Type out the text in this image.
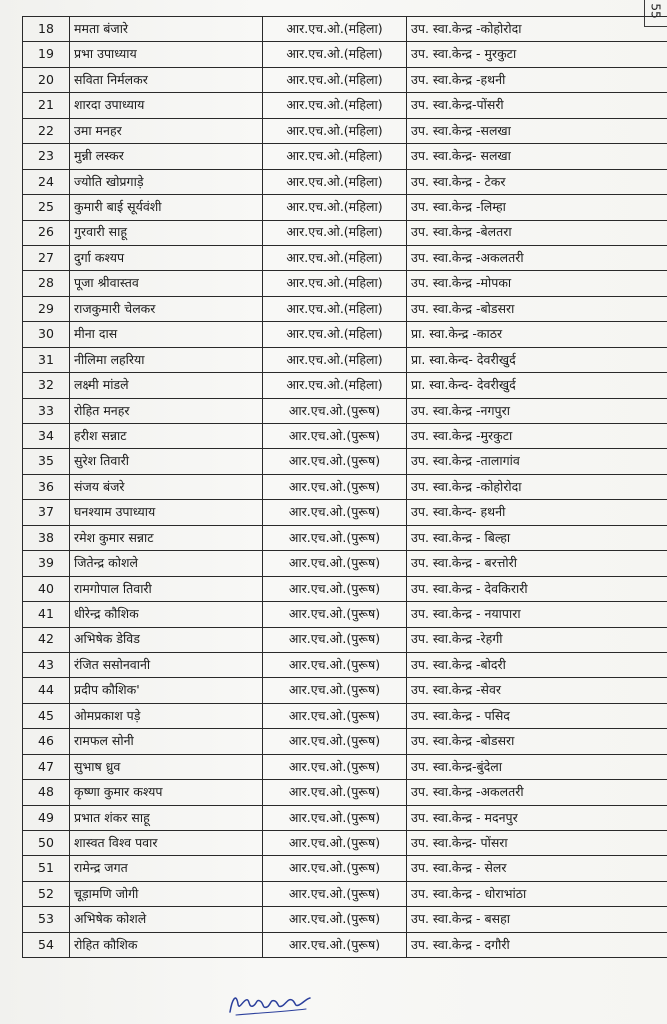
55
18	ममता बंजारे	आर.एच.ओ.(महिला)	उप. स्वा.केन्द्र -कोहोरोदा
19	प्रभा उपाध्याय	आर.एच.ओ.(महिला)	उप. स्वा.केन्द्र - मुरकुटा
20	सविता निर्मलकर	आर.एच.ओ.(महिला)	उप. स्वा.केन्द्र -हथनी
21	शारदा उपाध्याय	आर.एच.ओ.(महिला)	उप. स्वा.केन्द्र-पोंसरी
22	उमा मनहर	आर.एच.ओ.(महिला)	उप. स्वा.केन्द्र -सलखा
23	मुन्नी लस्कर	आर.एच.ओ.(महिला)	उप. स्वा.केन्द्र- सलखा
24	ज्योति खोप्रगाड़े	आर.एच.ओ.(महिला)	उप. स्वा.केन्द्र - टेकर
25	कुमारी बाई सूर्यवंशी	आर.एच.ओ.(महिला)	उप. स्वा.केन्द्र -लिम्हा
26	गुरवारी साहू	आर.एच.ओ.(महिला)	उप. स्वा.केन्द्र -बेलतरा
27	दुर्गा कश्यप	आर.एच.ओ.(महिला)	उप. स्वा.केन्द्र -अकलतरी
28	पूजा श्रीवास्तव	आर.एच.ओ.(महिला)	उप. स्वा.केन्द्र -मोपका
29	राजकुमारी चेलकर	आर.एच.ओ.(महिला)	उप. स्वा.केन्द्र -बोडसरा
30	मीना दास	आर.एच.ओ.(महिला)	प्रा. स्वा.केन्द्र -काठर
31	नीलिमा लहरिया	आर.एच.ओ.(महिला)	प्रा. स्वा.केन्द- देवरीखुर्द
32	लक्ष्मी मांडले	आर.एच.ओ.(महिला)	प्रा. स्वा.केन्द- देवरीखुर्द
33	रोहित मनहर	आर.एच.ओ.(पुरूष)	उप. स्वा.केन्द्र -नगपुरा
34	हरीश सन्नाट	आर.एच.ओ.(पुरूष)	उप. स्वा.केन्द्र -मुरकुटा
35	सुरेश तिवारी	आर.एच.ओ.(पुरूष)	उप. स्वा.केन्द्र -तालागांव
36	संजय बंजरे	आर.एच.ओ.(पुरूष)	उप. स्वा.केन्द्र -कोहोरोदा
37	घनश्याम उपाध्याय	आर.एच.ओ.(पुरूष)	उप. स्वा.केन्द- हथनी
38	रमेश कुमार सन्नाट	आर.एच.ओ.(पुरूष)	उप. स्वा.केन्द्र - बिल्हा
39	जितेन्द्र कोशले	आर.एच.ओ.(पुरूष)	उप. स्वा.केन्द्र - बरत्तोरी
40	रामगोपाल तिवारी	आर.एच.ओ.(पुरूष)	उप. स्वा.केन्द्र - देवकिरारी
41	धीरेन्द्र कौशिक	आर.एच.ओ.(पुरूष)	उप. स्वा.केन्द्र - नयापारा
42	अभिषेक डेविड	आर.एच.ओ.(पुरूष)	उप. स्वा.केन्द्र -रेहगी
43	रंजित ससोनवानी	आर.एच.ओ.(पुरूष)	उप. स्वा.केन्द्र -बोदरी
44	प्रदीप कौशिक'	आर.एच.ओ.(पुरूष)	उप. स्वा.केन्द्र -सेवर
45	ओमप्रकाश पड़े	आर.एच.ओ.(पुरूष)	उप. स्वा.केन्द्र - पसिद
46	रामफल सोनी	आर.एच.ओ.(पुरूष)	उप. स्वा.केन्द्र -बोडसरा
47	सुभाष ध्रुव	आर.एच.ओ.(पुरूष)	उप. स्वा.केन्द्र-बुंदेला
48	कृष्णा कुमार कश्यप	आर.एच.ओ.(पुरूष)	उप. स्वा.केन्द्र -अकलतरी
49	प्रभात शंकर साहू	आर.एच.ओ.(पुरूष)	उप. स्वा.केन्द्र - मदनपुर
50	शास्वत विश्व पवार	आर.एच.ओ.(पुरूष)	उप. स्वा.केन्द्र- पोंसरा
51	रामेन्द्र जगत	आर.एच.ओ.(पुरूष)	उप. स्वा.केन्द्र - सेलर
52	चूड़ामणि जोगी	आर.एच.ओ.(पुरूष)	उप. स्वा.केन्द्र - धोराभांठा
53	अभिषेक कोशले	आर.एच.ओ.(पुरूष)	उप. स्वा.केन्द्र - बसहा
54	रोहित कौशिक	आर.एच.ओ.(पुरूष)	उप. स्वा.केन्द्र - दगौरी
